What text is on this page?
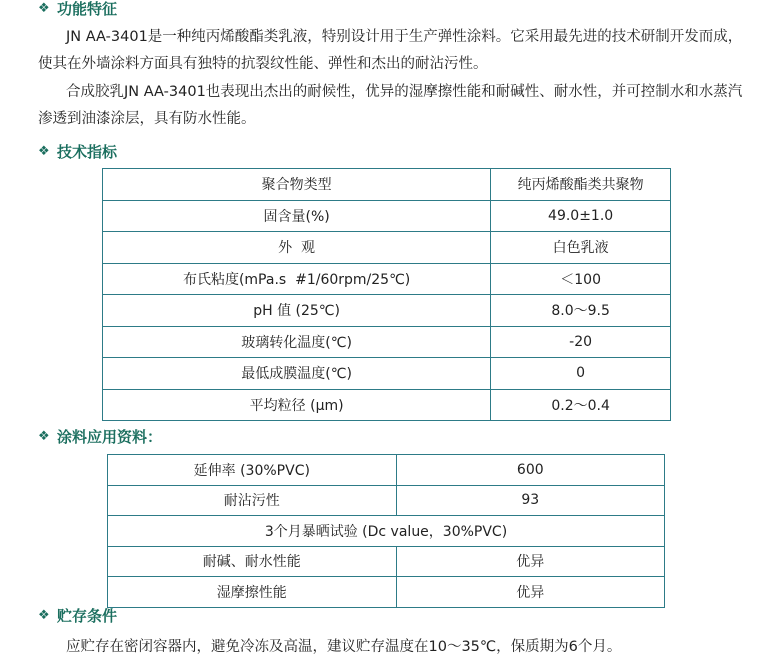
❖ 功能特征

JN AA-3401是一种纯丙烯酸酯类乳液，特别设计用于生产弹性涂料。它采用最先进的技术研制开发而成，使其在外墙涂料方面具有独特的抗裂纹性能、弹性和杰出的耐沾污性。

合成胶乳JN AA-3401也表现出杰出的耐候性，优异的湿摩擦性能和耐碱性、耐水性，并可控制水和水蒸汽渗透到油漆涂层，具有防水性能。

❖ 技术指标
聚合物类型	纯丙烯酸酯类共聚物
固含量(%)	49.0±1.0
外  观	白色乳液
布氏粘度(mPa.s  #1/60rpm/25℃)	＜100
pH 值 (25℃)	8.0～9.5
玻璃转化温度(℃)	-20
最低成膜温度(℃)	0
平均粒径 (μm)	0.2～0.4
❖ 涂料应用资料：
延伸率 (30%PVC)	600
耐沾污性	93
3个月暴晒试验 (Dc value，30%PVC)	
耐碱、耐水性能	优异
湿摩擦性能	优异
❖ 贮存条件

应贮存在密闭容器内，避免冷冻及高温，建议贮存温度在10～35℃，保质期为6个月。
